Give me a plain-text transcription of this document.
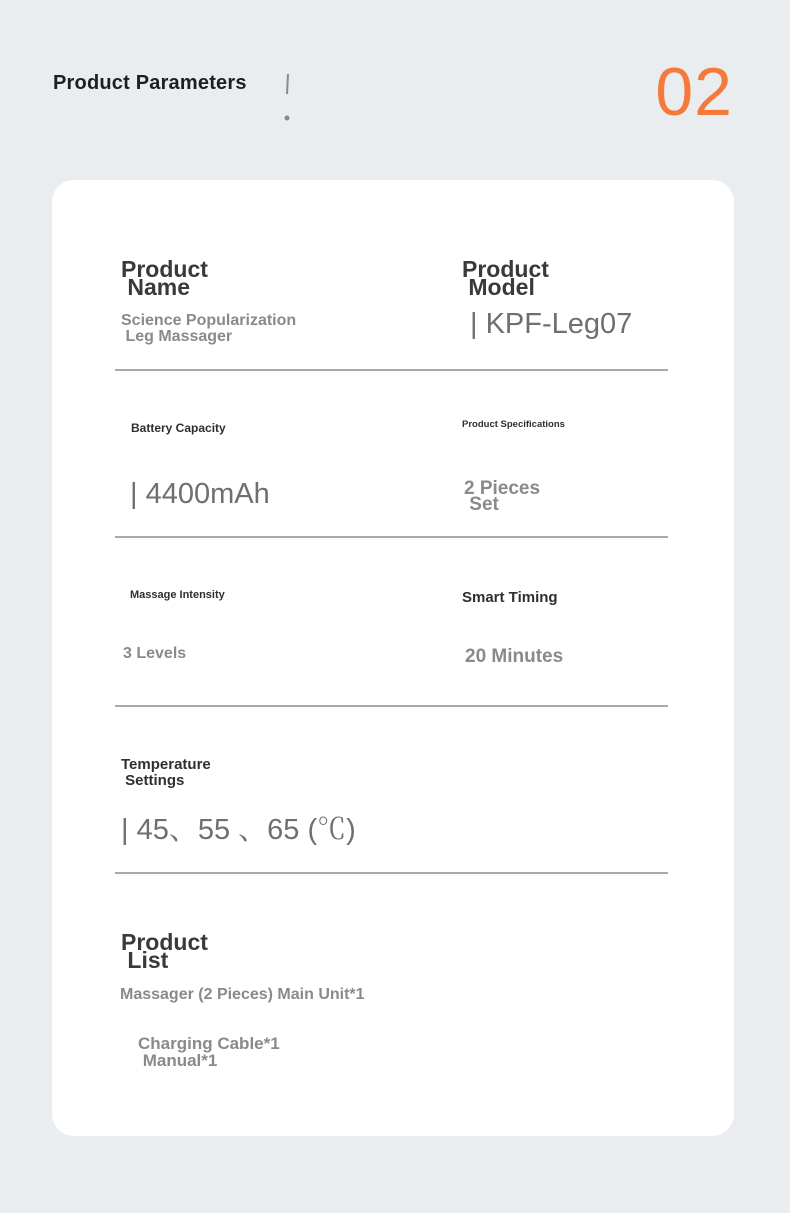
Product Parameters	02
Product
Name
Science Popularization
Leg Massager
Product
Model
| KPF-Leg07
Battery Capacity
| 4400mAh
Product Specifications
2 Pieces
Set
Massage Intensity
3 Levels
Smart Timing
20 Minutes
Temperature
Settings
| 45、55 、65 (℃)
Product
List
Massager (2 Pieces) Main Unit*1
Charging Cable*1
Manual*1
